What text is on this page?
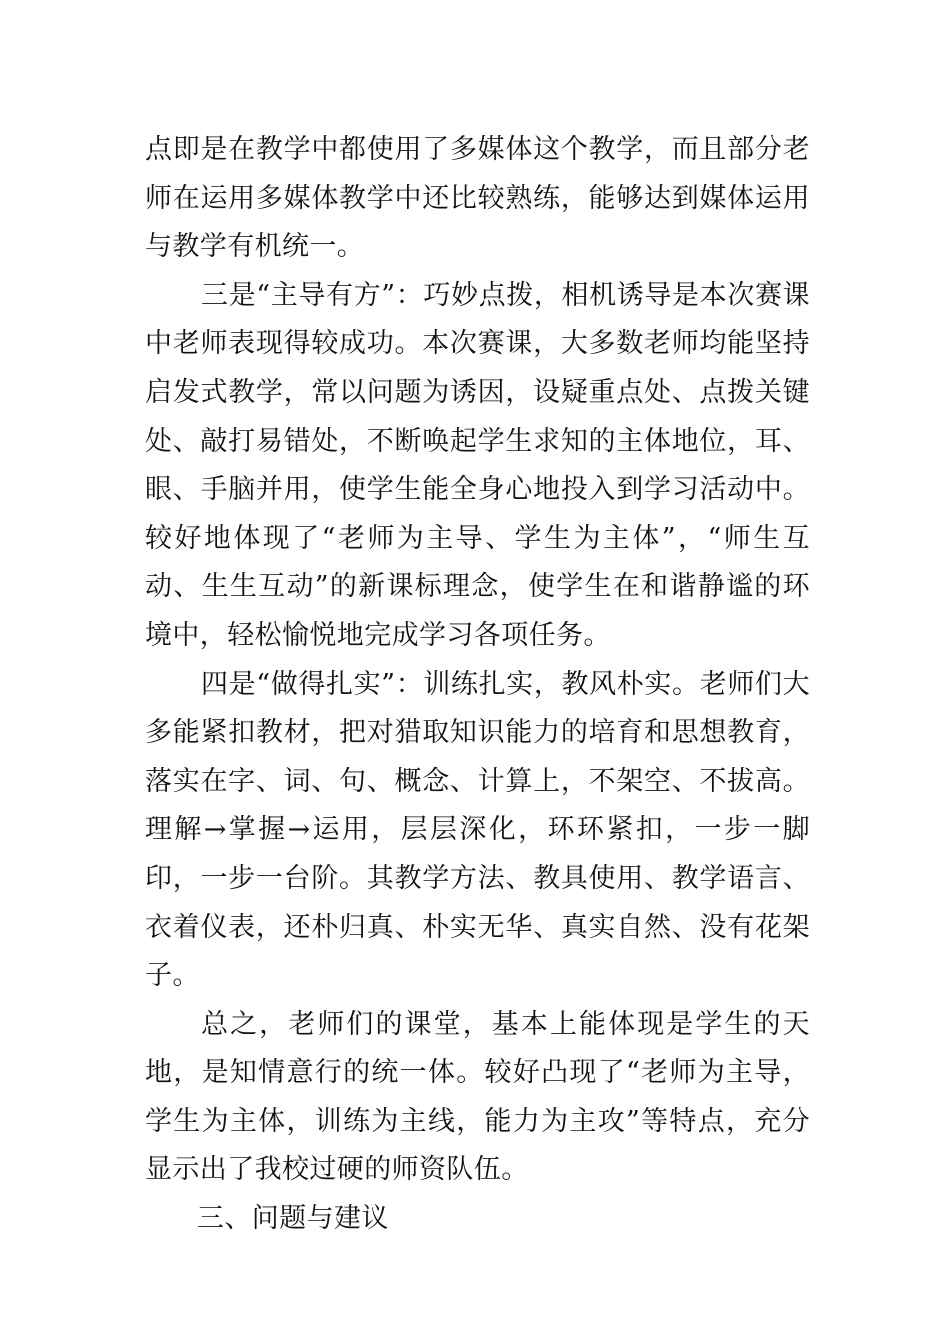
点即是在教学中都使用了多媒体这个教学，而且部分老师在运用多媒体教学中还比较熟练，能够达到媒体运用与教学有机统一。

三是“主导有方”：巧妙点拨，相机诱导是本次赛课中老师表现得较成功。本次赛课，大多数老师均能坚持启发式教学，常以问题为诱因，设疑重点处、点拨关键处、敲打易错处，不断唤起学生求知的主体地位，耳、眼、手脑并用，使学生能全身心地投入到学习活动中。较好地体现了“老师为主导、学生为主体”，“师生互动、生生互动”的新课标理念，使学生在和谐静谧的环境中，轻松愉悦地完成学习各项任务。

四是“做得扎实”：训练扎实，教风朴实。老师们大多能紧扣教材，把对猎取知识能力的培育和思想教育，落实在字、词、句、概念、计算上，不架空、不拔高。理解→掌握→运用，层层深化，环环紧扣，一步一脚印，一步一台阶。其教学方法、教具使用、教学语言、衣着仪表，还朴归真、朴实无华、真实自然、没有花架子。

总之，老师们的课堂，基本上能体现是学生的天地，是知情意行的统一体。较好凸现了“老师为主导，学生为主体，训练为主线，能力为主攻”等特点，充分显示出了我校过硬的师资队伍。

三、问题与建议
